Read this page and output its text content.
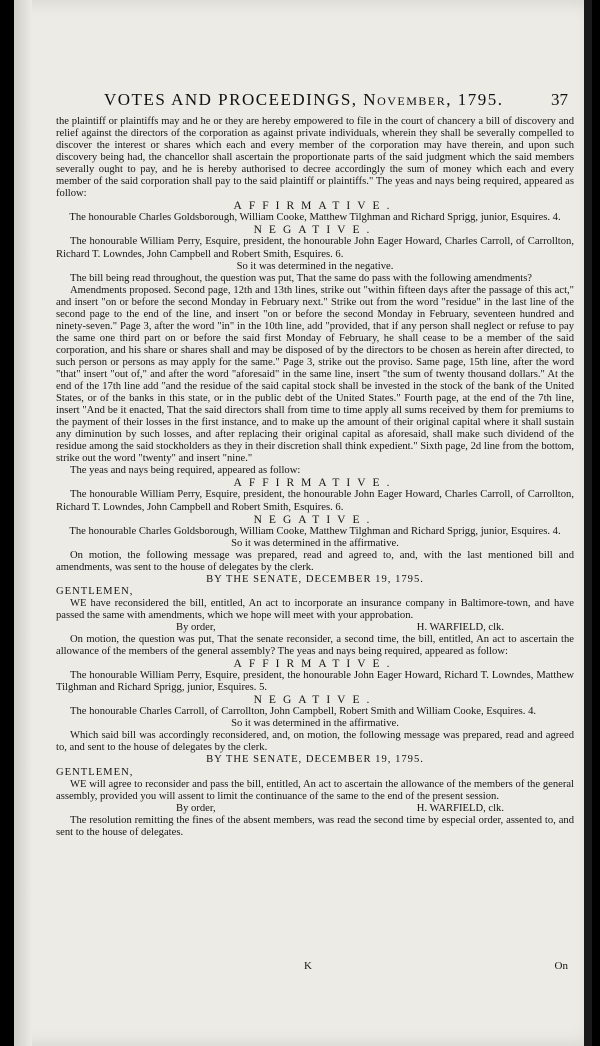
VOTES AND PROCEEDINGS, November, 1795.	37

the plaintiff or plaintiffs may and he or they are hereby empowered to file in the court of chancery a bill of discovery and relief against the directors of the corporation as against private individuals, wherein they shall be severally compelled to discover the interest or shares which each and every member of the corporation may have therein, and upon such discovery being had, the chancellor shall ascertain the proportionate parts of the said judgment which the said members severally ought to pay, and he is hereby authorised to decree accordingly the sum of money which each and every member of the said corporation shall pay to the said plaintiff or plaintiffs." The yeas and nays being required, appeared as follow:

AFFIRMATIVE.

The honourable Charles Goldsborough, William Cooke, Matthew Tilghman and Richard Sprigg, junior, Esquires. 4.

NEGATIVE.

The honourable William Perry, Esquire, president, the honourable John Eager Howard, Charles Carroll, of Carrollton, Richard T. Lowndes, John Campbell and Robert Smith, Esquires. 6.

So it was determined in the negative.

The bill being read throughout, the question was put, That the same do pass with the following amendments?

Amendments proposed. Second page, 12th and 13th lines, strike out "within fifteen days after the passage of this act," and insert "on or before the second Monday in February next." Strike out from the word "residue" in the last line of the second page to the end of the line, and insert "on or before the second Monday in February, seventeen hundred and ninety-seven." Page 3, after the word "in" in the 10th line, add "provided, that if any person shall neglect or refuse to pay the same one third part on or before the said first Monday of February, he shall cease to be a member of the said corporation, and his share or shares shall and may be disposed of by the directors to be chosen as herein after directed, to such person or persons as may apply for the same." Page 3, strike out the proviso. Same page, 15th line, after the word "that" insert "out of," and after the word "aforesaid" in the same line, insert "the sum of twenty thousand dollars." At the end of the 17th line add "and the residue of the said capital stock shall be invested in the stock of the bank of the United States, or of the banks in this state, or in the public debt of the United States." Fourth page, at the end of the 7th line, insert "And be it enacted, That the said directors shall from time to time apply all sums received by them for premiums to the payment of their losses in the first instance, and to make up the amount of their original capital where it shall sustain any diminution by such losses, and after replacing their original capital as aforesaid, shall make such dividend of the residue among the said stockholders as they in their discretion shall think expedient." Sixth page, 2d line from the bottom, strike out the word "twenty" and insert "nine."

The yeas and nays being required, appeared as follow:

AFFIRMATIVE.

The honourable William Perry, Esquire, president, the honourable John Eager Howard, Charles Carroll, of Carrollton, Richard T. Lowndes, John Campbell and Robert Smith, Esquires. 6.

NEGATIVE.

The honourable Charles Goldsborough, William Cooke, Matthew Tilghman and Richard Sprigg, junior, Esquires. 4.

So it was determined in the affirmative.

On motion, the following message was prepared, read and agreed to, and, with the last mentioned bill and amendments, was sent to the house of delegates by the clerk.

BY THE SENATE, DECEMBER 19, 1795.

GENTLEMEN,

WE have reconsidered the bill, entitled, An act to incorporate an insurance company in Baltimore-town, and have passed the same with amendments, which we hope will meet with your approbation.

By order,	H. WARFIELD, clk.

On motion, the question was put, That the senate reconsider, a second time, the bill, entitled, An act to ascertain the allowance of the members of the general assembly? The yeas and nays being required, appeared as follow:

AFFIRMATIVE.

The honourable William Perry, Esquire, president, the honourable John Eager Howard, Richard T. Lowndes, Matthew Tilghman and Richard Sprigg, junior, Esquires. 5.

NEGATIVE.

The honourable Charles Carroll, of Carrollton, John Campbell, Robert Smith and William Cooke, Esquires. 4.

So it was determined in the affirmative.

Which said bill was accordingly reconsidered, and, on motion, the following message was prepared, read and agreed to, and sent to the house of delegates by the clerk.

BY THE SENATE, DECEMBER 19, 1795.

GENTLEMEN,

WE will agree to reconsider and pass the bill, entitled, An act to ascertain the allowance of the members of the general assembly, provided you will assent to limit the continuance of the same to the end of the present session.

By order,	H. WARFIELD, clk.

The resolution remitting the fines of the absent members, was read the second time by especial order, assented to, and sent to the house of delegates.

K	On
